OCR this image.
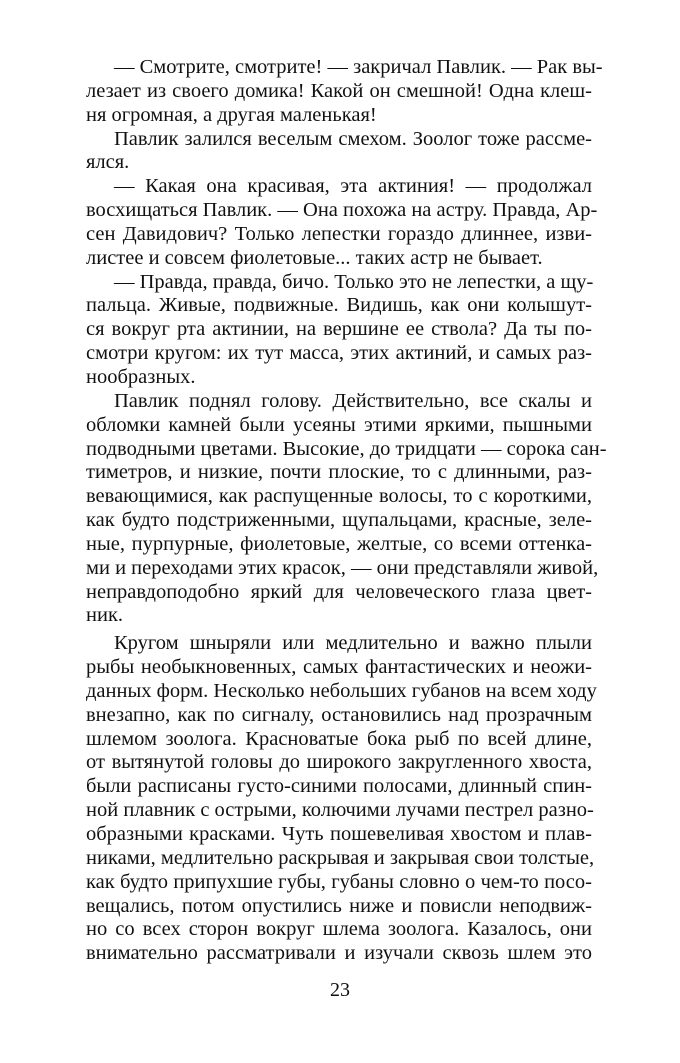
— Смотрите, смотрите! — закричал Павлик. — Рак вы-
лезает из своего домика! Какой он смешной! Одна клеш-
ня огромная, а другая маленькая!
Павлик залился веселым смехом. Зоолог тоже рассме-
ялся.
— Какая она красивая, эта актиния! — продолжал
восхищаться Павлик. — Она похожа на астру. Правда, Ар-
сен Давидович? Только лепестки гораздо длиннее, изви-
листее и совсем фиолетовые... таких астр не бывает.
— Правда, правда, бичо. Только это не лепестки, а щу-
пальца. Живые, подвижные. Видишь, как они колышут-
ся вокруг рта актинии, на вершине ее ствола? Да ты по-
смотри кругом: их тут масса, этих актиний, и самых раз-
нообразных.
Павлик поднял голову. Действительно, все скалы и
обломки камней были усеяны этими яркими, пышными
подводными цветами. Высокие, до тридцати — сорока сан-
тиметров, и низкие, почти плоские, то с длинными, раз-
вевающимися, как распущенные волосы, то с короткими,
как будто подстриженными, щупальцами, красные, зеле-
ные, пурпурные, фиолетовые, желтые, со всеми оттенка-
ми и переходами этих красок, — они представляли живой,
неправдоподобно яркий для человеческого глаза цвет-
ник.
Кругом шныряли или медлительно и важно плыли
рыбы необыкновенных, самых фантастических и неожи-
данных форм. Несколько небольших губанов на всем ходу
внезапно, как по сигналу, остановились над прозрачным
шлемом зоолога. Красноватые бока рыб по всей длине,
от вытянутой головы до широкого закругленного хвоста,
были расписаны густо-синими полосами, длинный спин-
ной плавник с острыми, колючими лучами пестрел разно-
образными красками. Чуть пошевеливая хвостом и плав-
никами, медлительно раскрывая и закрывая свои толстые,
как будто припухшие губы, губаны словно о чем-то посо-
вещались, потом опустились ниже и повисли неподвиж-
но со всех сторон вокруг шлема зоолога. Казалось, они
внимательно рассматривали и изучали сквозь шлем это
23
